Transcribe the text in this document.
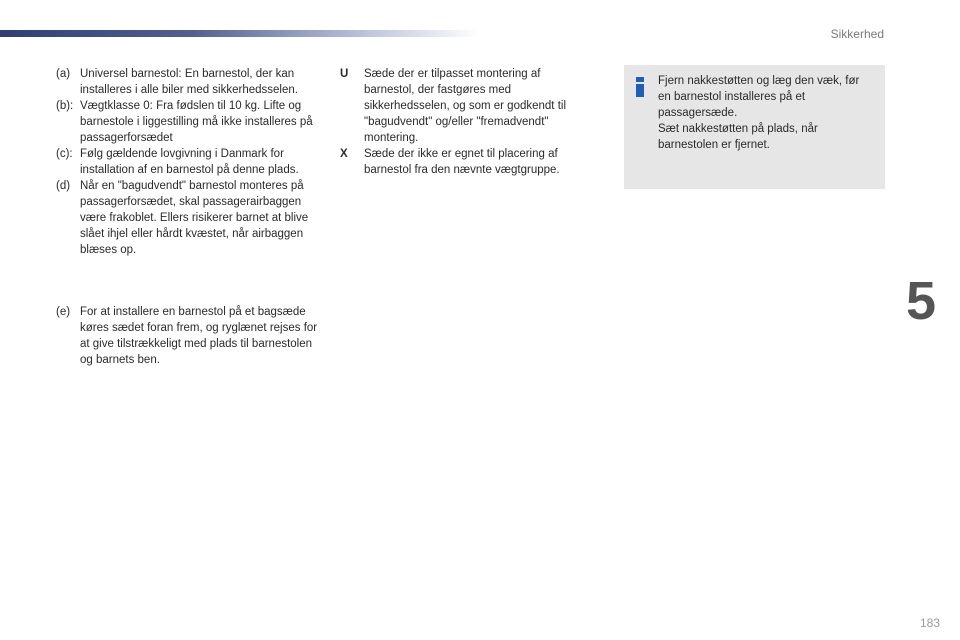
Sikkerhed
5
(a) Universel barnestol: En barnestol, der kan installeres i alle biler med sikkerhedsselen.
(b): Vægtklasse 0: Fra fødslen til 10 kg. Lifte og barnestole i liggestilling må ikke installeres på passagerforsædet
(c): Følg gældende lovgivning i Danmark for installation af en barnestol på denne plads.
(d) Når en "bagudvendt" barnestol monteres på passagerforsædet, skal passagerairbaggen være frakoblet. Ellers risikerer barnet at blive slået ihjel eller hårdt kvæstet, når airbaggen blæses op.
(e) For at installere en barnestol på et bagsæde køres sædet foran frem, og ryglænet rejses for at give tilstrækkeligt med plads til barnestolen og barnets ben.
U	Sæde der er tilpasset montering af barnestol, der fastgøres med sikkerhedsselen, og som er godkendt til "bagudvendt" og/eller "fremadvendt" montering.
X	Sæde der ikke er egnet til placering af barnestol fra den nævnte vægtgruppe.
Fjern nakkestøtten og læg den væk, før en barnestol installeres på et passagersæde.
Sæt nakkestøtten på plads, når barnestolen er fjernet.
183
